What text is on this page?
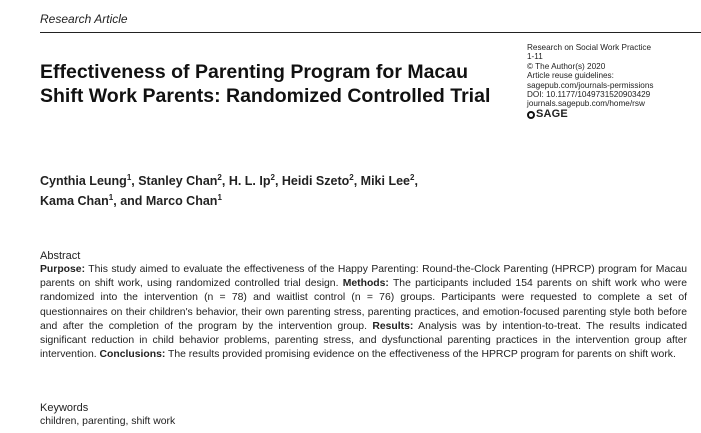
Research Article
Effectiveness of Parenting Program for Macau Shift Work Parents: Randomized Controlled Trial
Research on Social Work Practice
1-11
© The Author(s) 2020
Article reuse guidelines:
sagepub.com/journals-permissions
DOI: 10.1177/1049731520903429
journals.sagepub.com/home/rsw
SAGE

Cynthia Leung$^1$, Stanley Chan$^2$, H. L. Ip$^2$, Heidi Szeto$^2$, Miki Lee$^2$,
Kama Chan$^1$, and Marco Chan$^1$

Abstract

Purpose: This study aimed to evaluate the effectiveness of the Happy Parenting: Round-the-Clock Parenting (HPRCP) program for Macau parents on shift work, using randomized controlled trial design. Methods: The participants included 154 parents on shift work who were randomized into the intervention (n = 78) and waitlist control (n = 76) groups. Participants were requested to complete a set of questionnaires on their children's behavior, their own parenting stress, parenting practices, and emotion-focused parenting style both before and after the completion of the program by the intervention group. Results: Analysis was by intention-to-treat. The results indicated significant reduction in child behavior problems, parenting stress, and dysfunctional parenting practices in the intervention group after intervention. Conclusions: The results provided promising evidence on the effectiveness of the HPRCP program for parents on shift work.

Keywords
children, parenting, shift work
